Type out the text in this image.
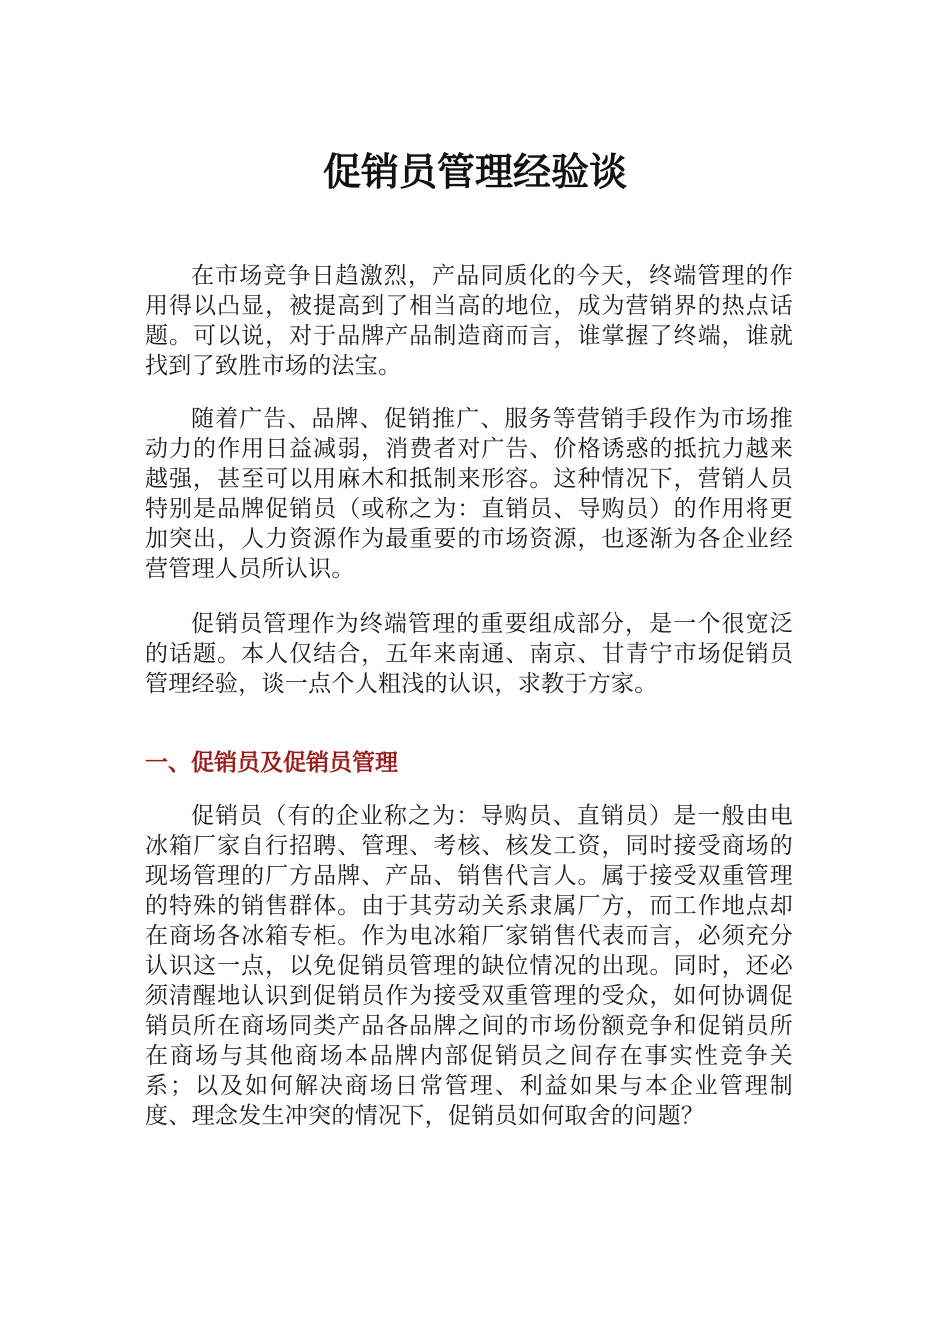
促销员管理经验谈

在市场竞争日趋激烈，产品同质化的今天，终端管理的作用得以凸显，被提高到了相当高的地位，成为营销界的热点话题。可以说，对于品牌产品制造商而言，谁掌握了终端，谁就找到了致胜市场的法宝。

随着广告、品牌、促销推广、服务等营销手段作为市场推动力的作用日益减弱，消费者对广告、价格诱惑的抵抗力越来越强，甚至可以用麻木和抵制来形容。这种情况下，营销人员特别是品牌促销员（或称之为：直销员、导购员）的作用将更加突出，人力资源作为最重要的市场资源，也逐渐为各企业经营管理人员所认识。

促销员管理作为终端管理的重要组成部分，是一个很宽泛的话题。本人仅结合，五年来南通、南京、甘青宁市场促销员管理经验，谈一点个人粗浅的认识，求教于方家。

一、促销员及促销员管理

促销员（有的企业称之为：导购员、直销员）是一般由电冰箱厂家自行招聘、管理、考核、核发工资，同时接受商场的现场管理的厂方品牌、产品、销售代言人。属于接受双重管理的特殊的销售群体。由于其劳动关系隶属厂方，而工作地点却在商场各冰箱专柜。作为电冰箱厂家销售代表而言，必须充分认识这一点，以免促销员管理的缺位情况的出现。同时，还必须清醒地认识到促销员作为接受双重管理的受众，如何协调促销员所在商场同类产品各品牌之间的市场份额竞争和促销员所在商场与其他商场本品牌内部促销员之间存在事实性竞争关系；以及如何解决商场日常管理、利益如果与本企业管理制度、理念发生冲突的情况下，促销员如何取舍的问题？
